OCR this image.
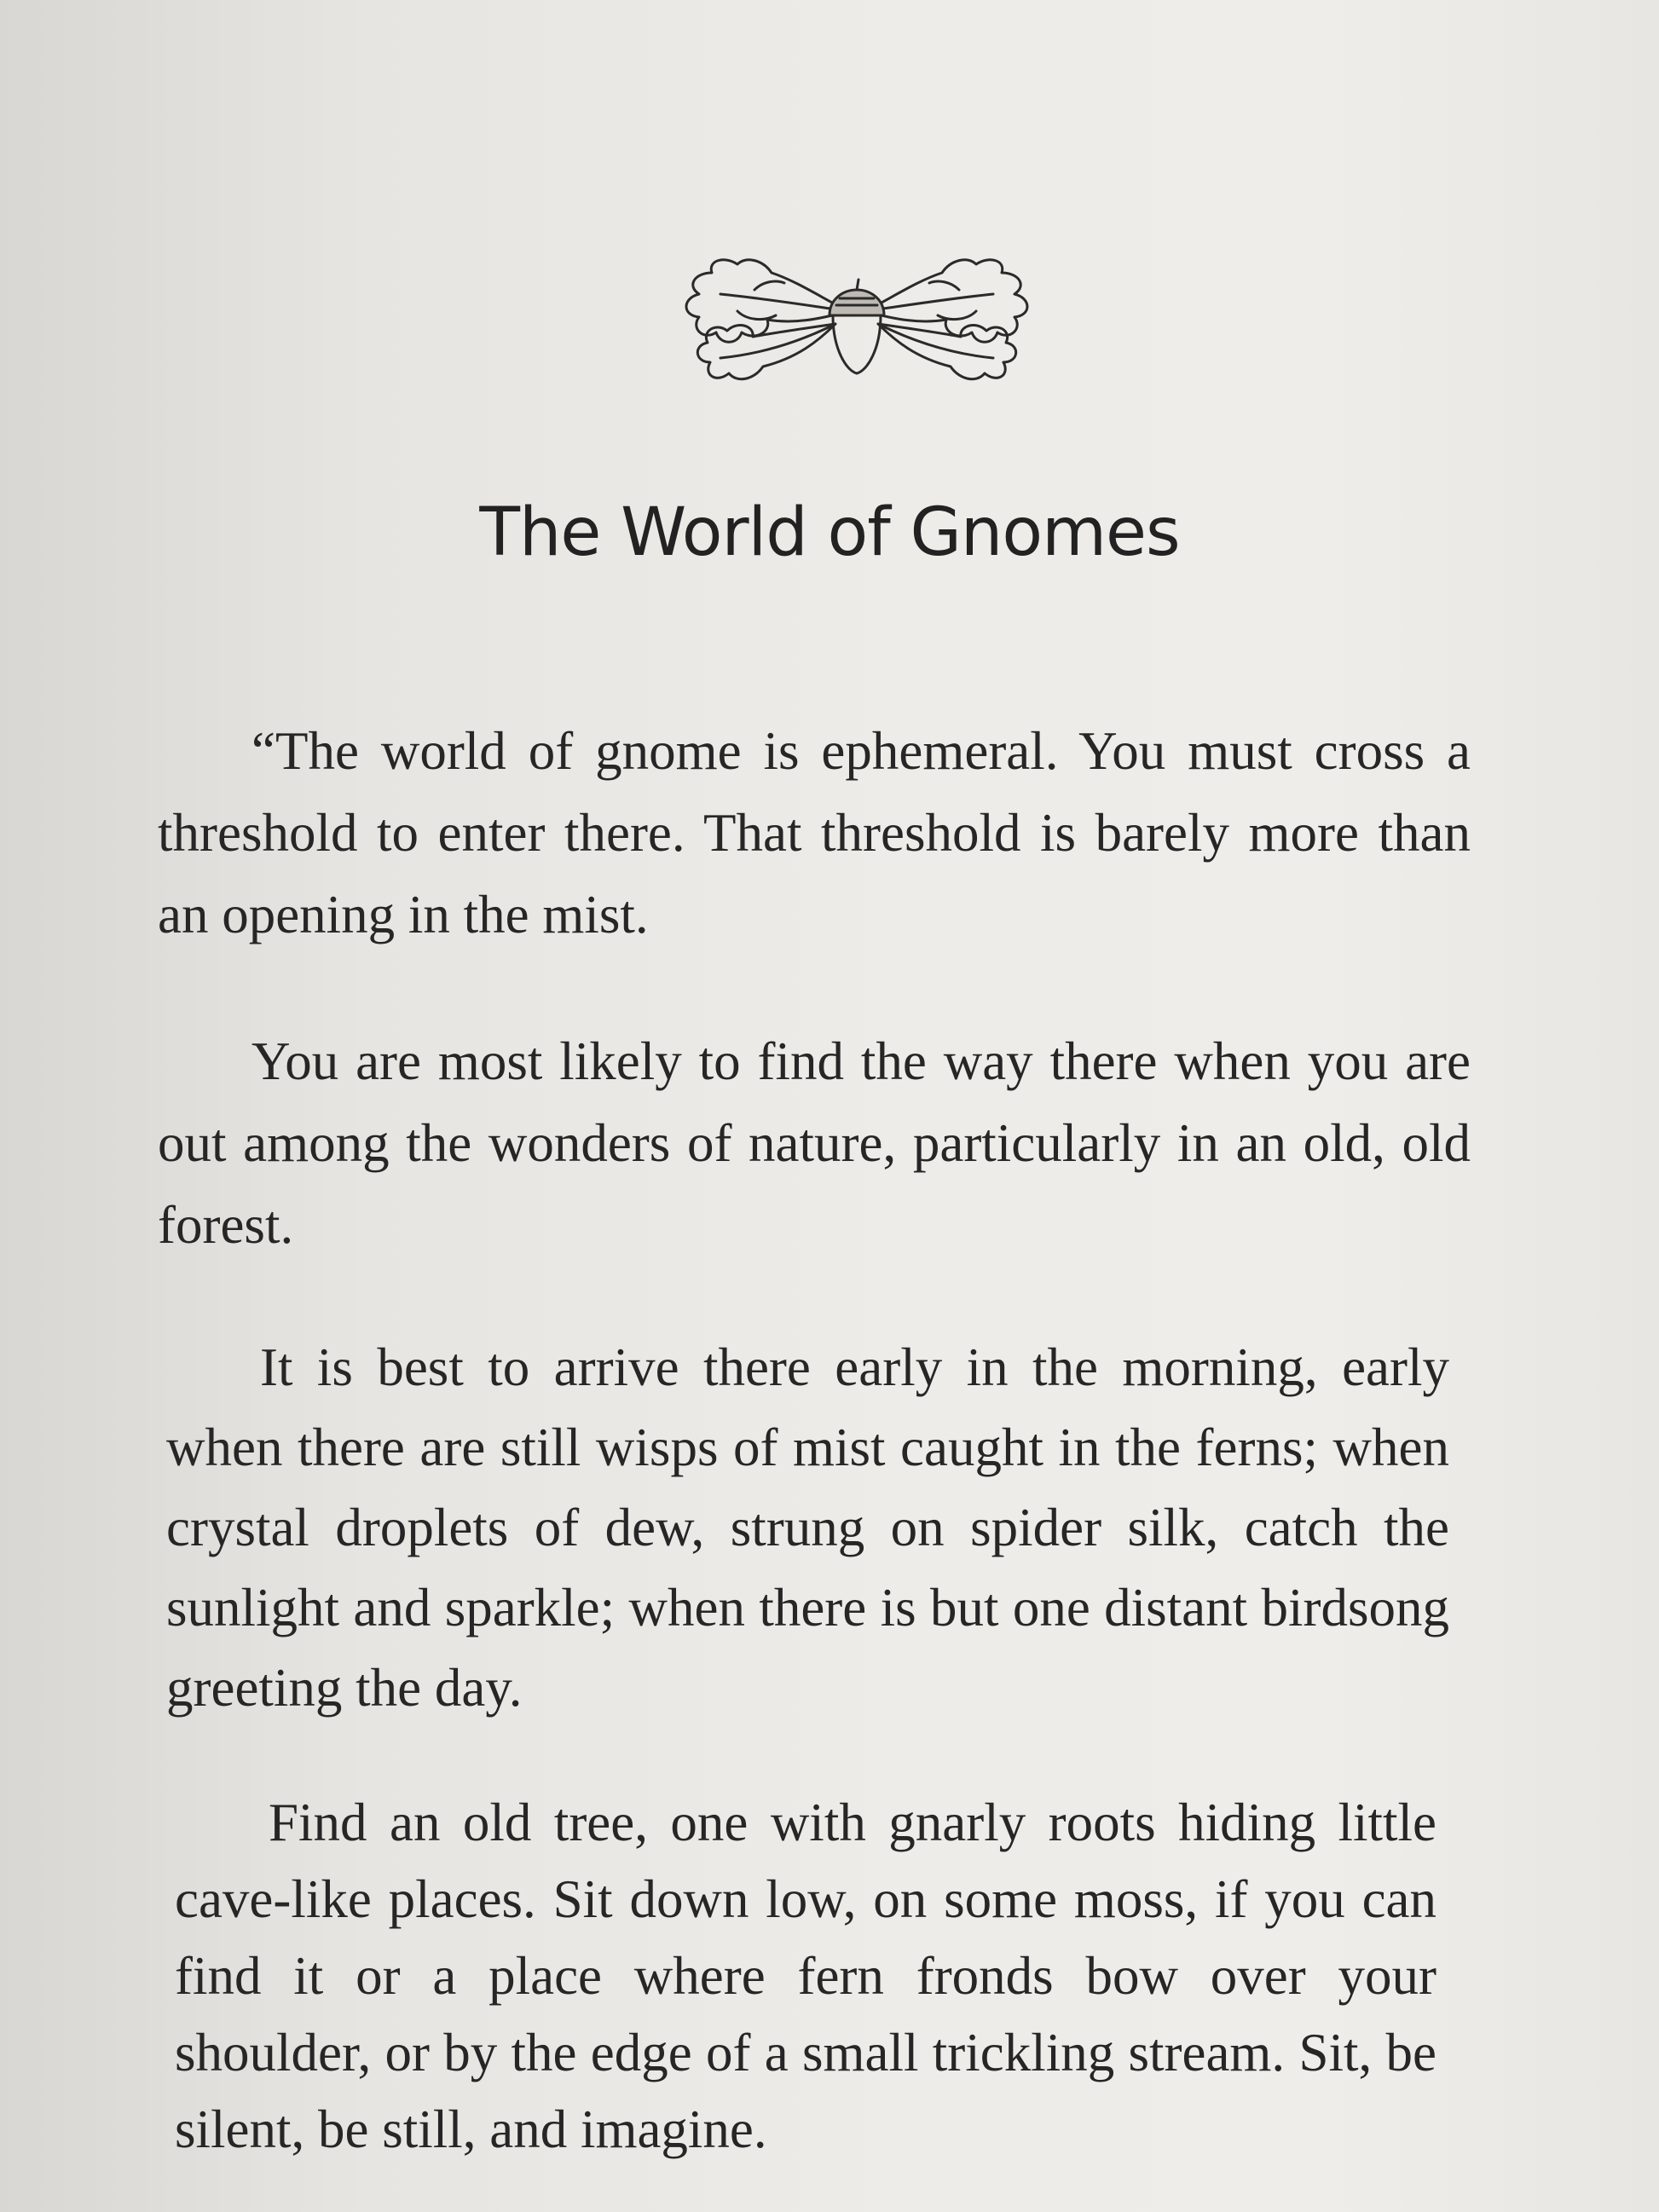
The World of Gnomes

“The world of gnome is ephemeral. You must cross a threshold to enter there. That threshold is barely more than an opening in the mist.

You are most likely to find the way there when you are out among the wonders of nature, particularly in an old, old forest.

It is best to arrive there early in the morning, early when there are still wisps of mist caught in the ferns; when crystal droplets of dew, strung on spider silk, catch the sunlight and sparkle; when there is but one distant birdsong greeting the day.

Find an old tree, one with gnarly roots hiding little cave-like places. Sit down low, on some moss, if you can find it or a place where fern fronds bow over your shoulder, or by the edge of a small trickling stream. Sit, be silent, be still, and imagine.
